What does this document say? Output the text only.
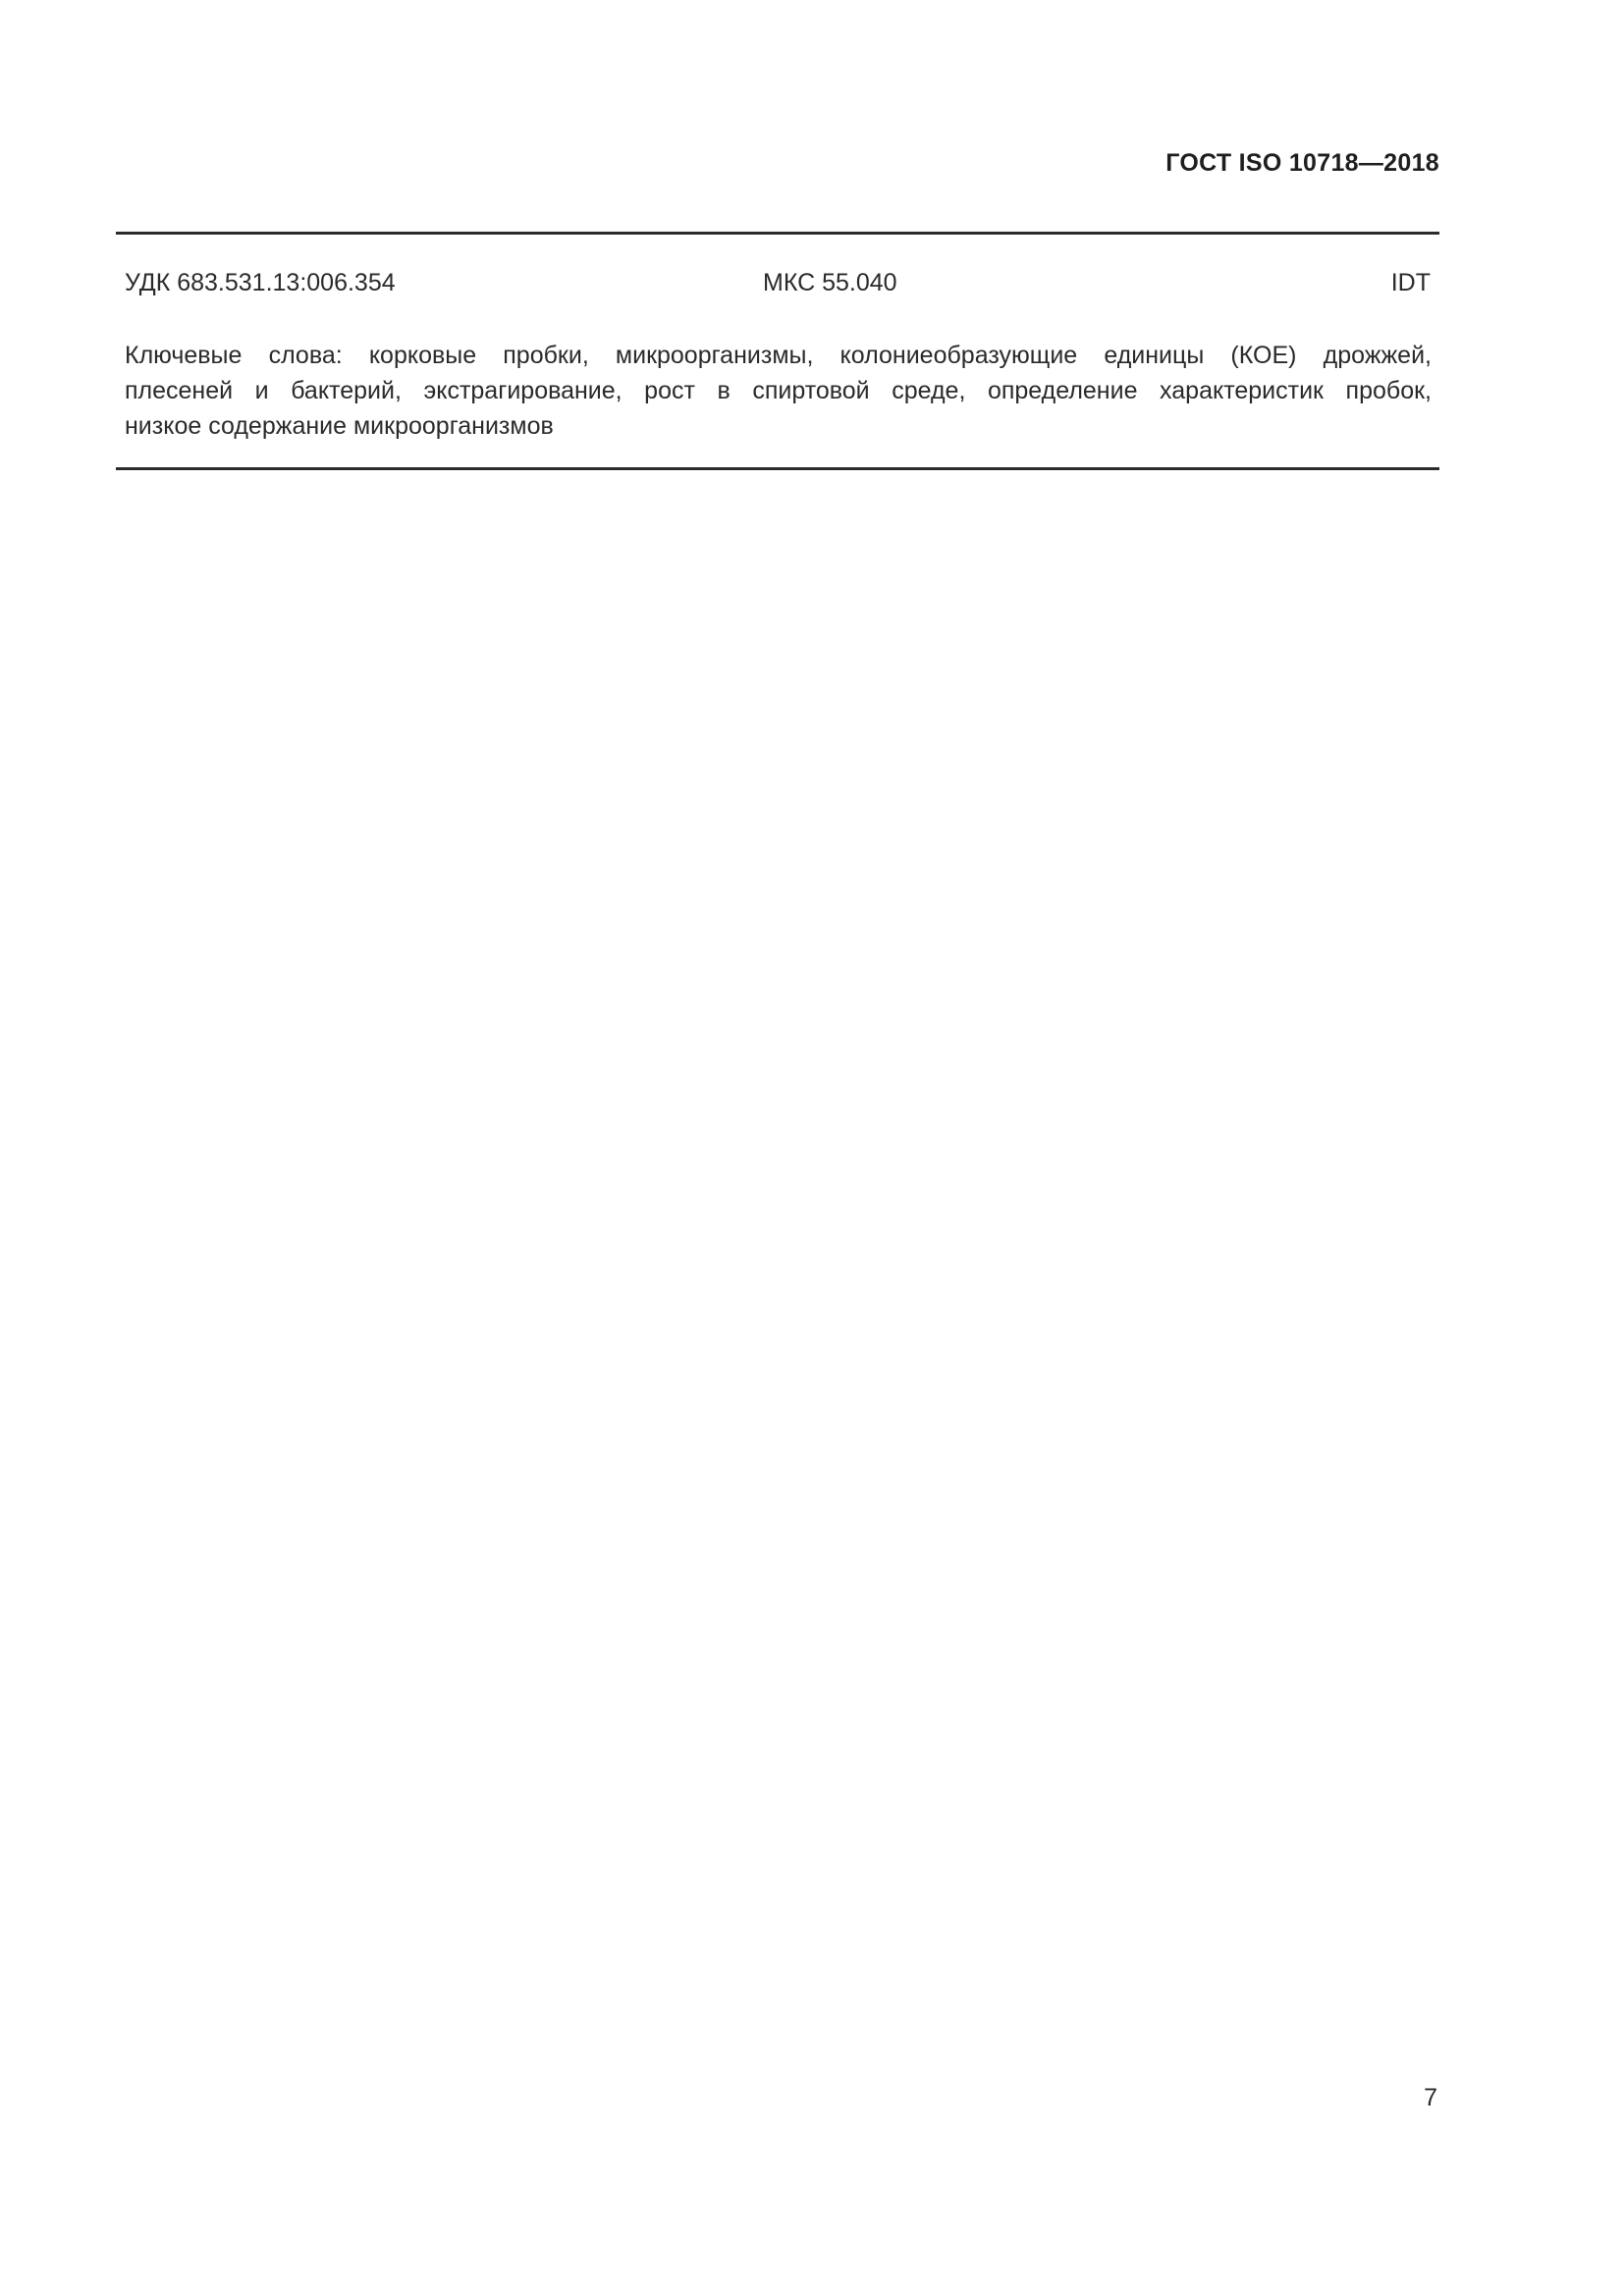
ГОСТ ISO 10718—2018
УДК 683.531.13:006.354	МКС 55.040	IDT
Ключевые слова: корковые пробки, микроорганизмы, колониеобразующие единицы (КОЕ) дрожжей,
плесеней и бактерий, экстрагирование, рост в спиртовой среде, определение характеристик пробок,
низкое содержание микроорганизмов
7
